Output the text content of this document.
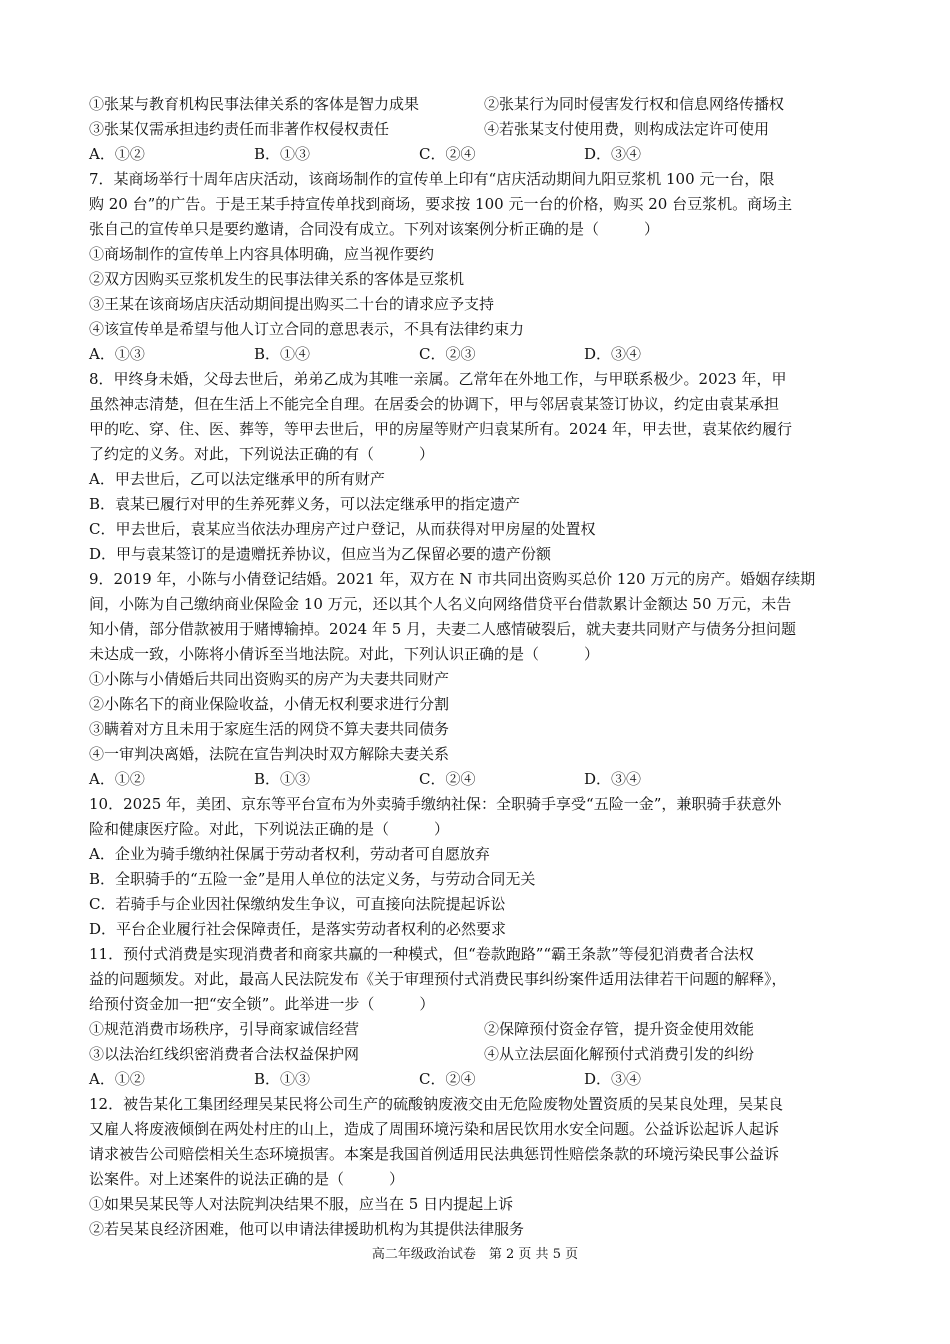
①张某与教育机构民事法律关系的客体是智力成果	②张某行为同时侵害发行权和信息网络传播权
③张某仅需承担违约责任而非著作权侵权责任	④若张某支付使用费，则构成法定许可使用
A．①②	B．①③	C．②④	D．③④
7．某商场举行十周年店庆活动，该商场制作的宣传单上印有“店庆活动期间九阳豆浆机 100 元一台，限
购 20 台”的广告。于是王某手持宣传单找到商场，要求按 100 元一台的价格，购买 20 台豆浆机。商场主
张自己的宣传单只是要约邀请，合同没有成立。下列对该案例分析正确的是（　　　）
①商场制作的宣传单上内容具体明确，应当视作要约
②双方因购买豆浆机发生的民事法律关系的客体是豆浆机
③王某在该商场店庆活动期间提出购买二十台的请求应予支持
④该宣传单是希望与他人订立合同的意思表示，不具有法律约束力
A．①③	B．①④	C．②③	D．③④
8．甲终身未婚，父母去世后，弟弟乙成为其唯一亲属。乙常年在外地工作，与甲联系极少。2023 年，甲
虽然神志清楚，但在生活上不能完全自理。在居委会的协调下，甲与邻居袁某签订协议，约定由袁某承担
甲的吃、穿、住、医、葬等，等甲去世后，甲的房屋等财产归袁某所有。2024 年，甲去世，袁某依约履行
了约定的义务。对此，下列说法正确的有（　　　）
A．甲去世后，乙可以法定继承甲的所有财产
B．袁某已履行对甲的生养死葬义务，可以法定继承甲的指定遗产
C．甲去世后，袁某应当依法办理房产过户登记，从而获得对甲房屋的处置权
D．甲与袁某签订的是遗赠抚养协议，但应当为乙保留必要的遗产份额
9．2019 年，小陈与小倩登记结婚。2021 年，双方在 N 市共同出资购买总价 120 万元的房产。婚姻存续期
间，小陈为自己缴纳商业保险金 10 万元，还以其个人名义向网络借贷平台借款累计金额达 50 万元，未告
知小倩，部分借款被用于赌博输掉。2024 年 5 月，夫妻二人感情破裂后，就夫妻共同财产与债务分担问题
未达成一致，小陈将小倩诉至当地法院。对此，下列认识正确的是（　　　）
①小陈与小倩婚后共同出资购买的房产为夫妻共同财产
②小陈名下的商业保险收益，小倩无权利要求进行分割
③瞒着对方且未用于家庭生活的网贷不算夫妻共同债务
④一审判决离婚，法院在宣告判决时双方解除夫妻关系
A．①②	B．①③	C．②④	D．③④
10．2025 年，美团、京东等平台宣布为外卖骑手缴纳社保：全职骑手享受“五险一金”，兼职骑手获意外
险和健康医疗险。对此，下列说法正确的是（　　　）
A．企业为骑手缴纳社保属于劳动者权利，劳动者可自愿放弃
B．全职骑手的“五险一金”是用人单位的法定义务，与劳动合同无关
C．若骑手与企业因社保缴纳发生争议，可直接向法院提起诉讼
D．平台企业履行社会保障责任，是落实劳动者权利的必然要求
11．预付式消费是实现消费者和商家共赢的一种模式，但“卷款跑路”“霸王条款”等侵犯消费者合法权
益的问题频发。对此，最高人民法院发布《关于审理预付式消费民事纠纷案件适用法律若干问题的解释》，
给预付资金加一把“安全锁”。此举进一步（　　　）
①规范消费市场秩序，引导商家诚信经营	②保障预付资金存管，提升资金使用效能
③以法治红线织密消费者合法权益保护网	④从立法层面化解预付式消费引发的纠纷
A．①②	B．①③	C．②④	D．③④
12．被告某化工集团经理吴某民将公司生产的硫酸钠废液交由无危险废物处置资质的吴某良处理，吴某良
又雇人将废液倾倒在两处村庄的山上，造成了周围环境污染和居民饮用水安全问题。公益诉讼起诉人起诉
请求被告公司赔偿相关生态环境损害。本案是我国首例适用民法典惩罚性赔偿条款的环境污染民事公益诉
讼案件。对上述案件的说法正确的是（　　　）
①如果吴某民等人对法院判决结果不服，应当在 5 日内提起上诉
②若吴某良经济困难，他可以申请法律援助机构为其提供法律服务
高二年级政治试卷　第 2 页 共 5 页
